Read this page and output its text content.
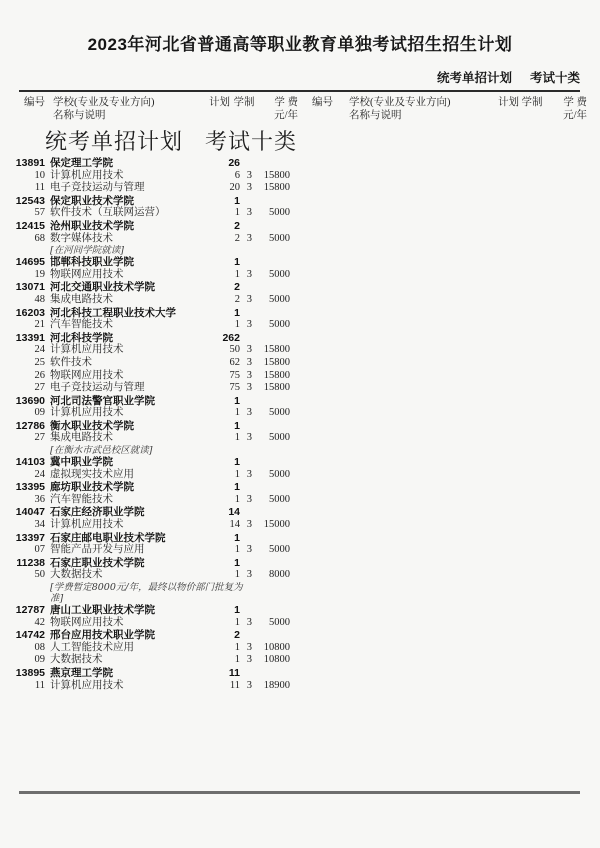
2023年河北省普通高等职业教育单独考试招生招生计划
统考单招计划 考试十类
编号 学校(专业及专业方向)
名称与说明
计划 学制	学 费
元/年
编号	学校(专业及专业方向)
名称与说明
计划 学制	学 费
元/年
统考单招计划 考试十类
13891 保定理工学院	26
10 计算机应用技术	6 3	15800
11 电子竞技运动与管理	20 3	15800
12543 保定职业技术学院	1
57 软件技术（互联网运营）	1 3	5000
12415 沧州职业技术学院	2
68 数字媒体技术	2 3	5000
[在河间学院就读]
14695 邯郸科技职业学院	1
19 物联网应用技术	1 3	5000
13071 河北交通职业技术学院	2
48 集成电路技术	2 3	5000
16203 河北科技工程职业技术大学	1
21 汽车智能技术	1 3	5000
13391 河北科技学院	262
24 计算机应用技术	50 3	15800
25 软件技术	62 3	15800
26 物联网应用技术	75 3	15800
27 电子竞技运动与管理	75 3	15800
13690 河北司法警官职业学院	1
09 计算机应用技术	1 3	5000
12786 衡水职业技术学院	1
27 集成电路技术	1 3	5000
[在衡水市武邑校区就读]
14103 冀中职业学院	1
24 虚拟现实技术应用	1 3	5000
13395 廊坊职业技术学院	1
36 汽车智能技术	1 3	5000
14047 石家庄经济职业学院	14
34 计算机应用技术	14 3	15000
13397 石家庄邮电职业技术学院	1
07 智能产品开发与应用	1 3	5000
11238 石家庄职业技术学院	1
50 大数据技术	1 3	8000
[学费暂定8000元/年，最终以物价部门批复为准]
12787 唐山工业职业技术学院	1
42 物联网应用技术	1 3	5000
14742 邢台应用技术职业学院	2
08 人工智能技术应用	1 3	10800
09 大数据技术	1 3	10800
13895 燕京理工学院	11
11 计算机应用技术	11 3	18900
